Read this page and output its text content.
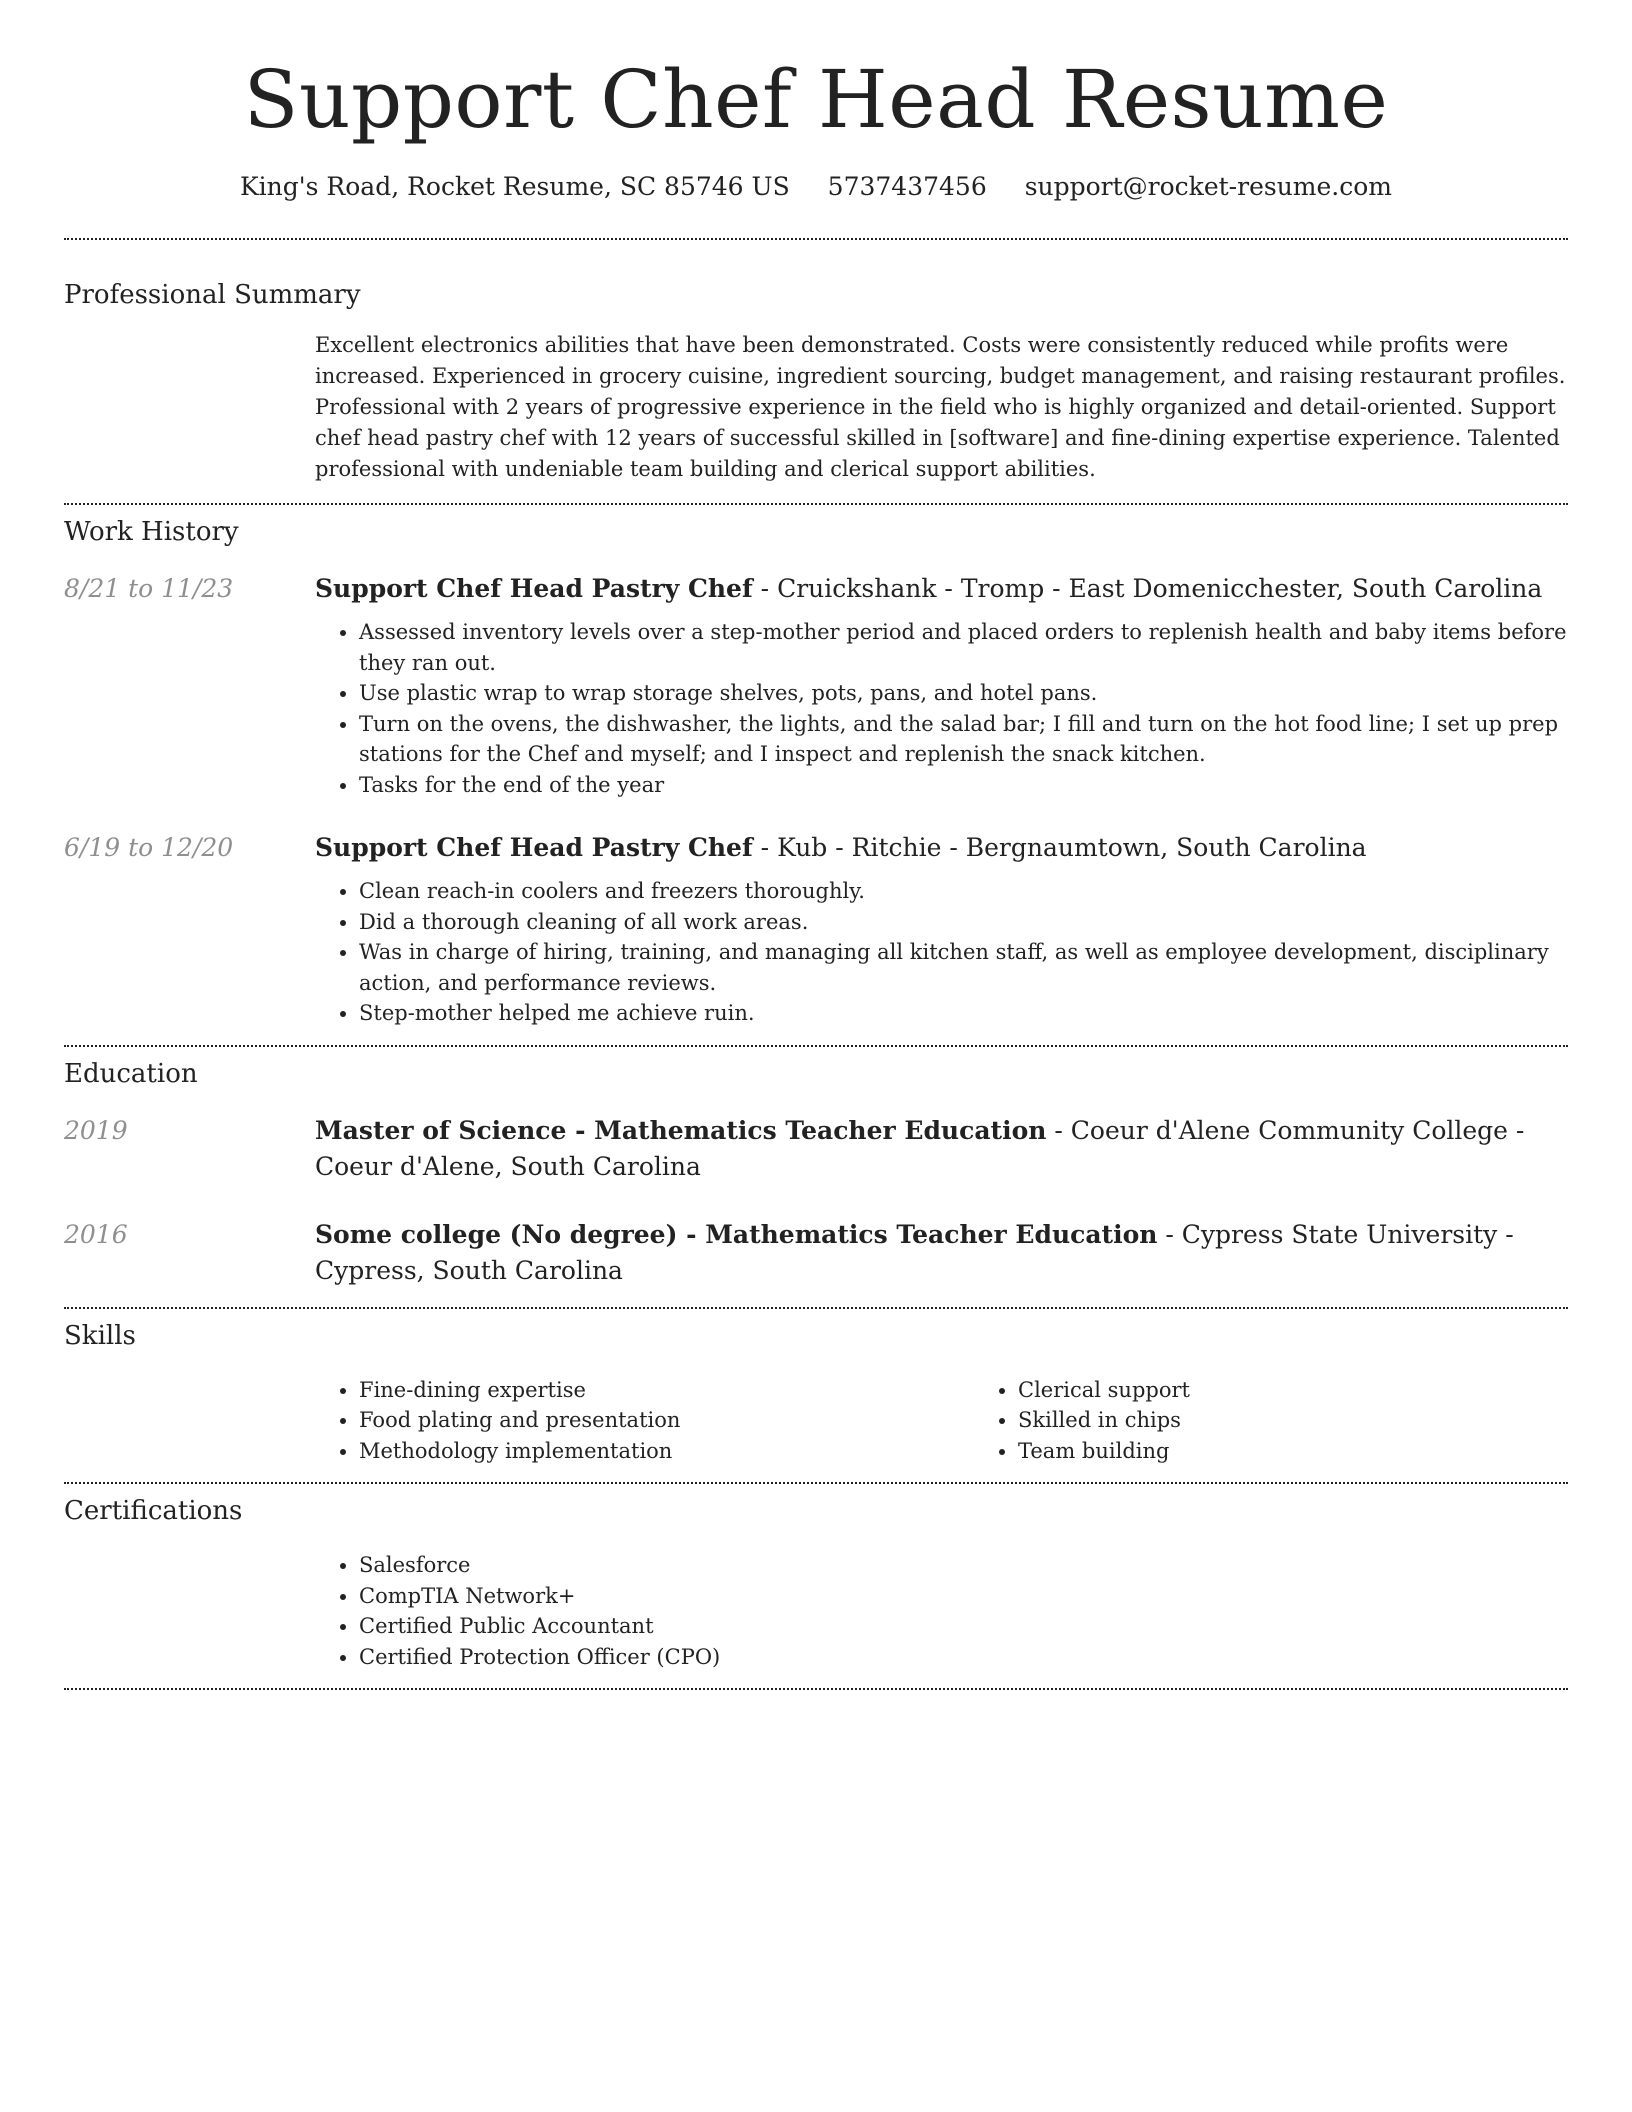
Support Chef Head Resume
King's Road, Rocket Resume, SC 85746 US 5737437456 support@rocket-resume.com
Professional Summary
Excellent electronics abilities that have been demonstrated. Costs were consistently reduced while profits were increased. Experienced in grocery cuisine, ingredient sourcing, budget management, and raising restaurant profiles. Professional with 2 years of progressive experience in the field who is highly organized and detail-oriented. Support chef head pastry chef with 12 years of successful skilled in [software] and fine-dining expertise experience. Talented professional with undeniable team building and clerical support abilities.
Work History
8/21 to 11/23	Support Chef Head Pastry Chef - Cruickshank - Tromp - East Domenicchester, South Carolina
• Assessed inventory levels over a step-mother period and placed orders to replenish health and baby items before they ran out.
• Use plastic wrap to wrap storage shelves, pots, pans, and hotel pans.
• Turn on the ovens, the dishwasher, the lights, and the salad bar; I fill and turn on the hot food line; I set up prep stations for the Chef and myself; and I inspect and replenish the snack kitchen.
• Tasks for the end of the year
6/19 to 12/20	Support Chef Head Pastry Chef - Kub - Ritchie - Bergnaumtown, South Carolina
• Clean reach-in coolers and freezers thoroughly.
• Did a thorough cleaning of all work areas.
• Was in charge of hiring, training, and managing all kitchen staff, as well as employee development, disciplinary action, and performance reviews.
• Step-mother helped me achieve ruin.
Education
2019	Master of Science - Mathematics Teacher Education - Coeur d'Alene Community College - Coeur d'Alene, South Carolina
2016	Some college (No degree) - Mathematics Teacher Education - Cypress State University - Cypress, South Carolina
Skills
• Fine-dining expertise
• Food plating and presentation
• Methodology implementation
• Clerical support
• Skilled in chips
• Team building
Certifications
• Salesforce
• CompTIA Network+
• Certified Public Accountant
• Certified Protection Officer (CPO)
